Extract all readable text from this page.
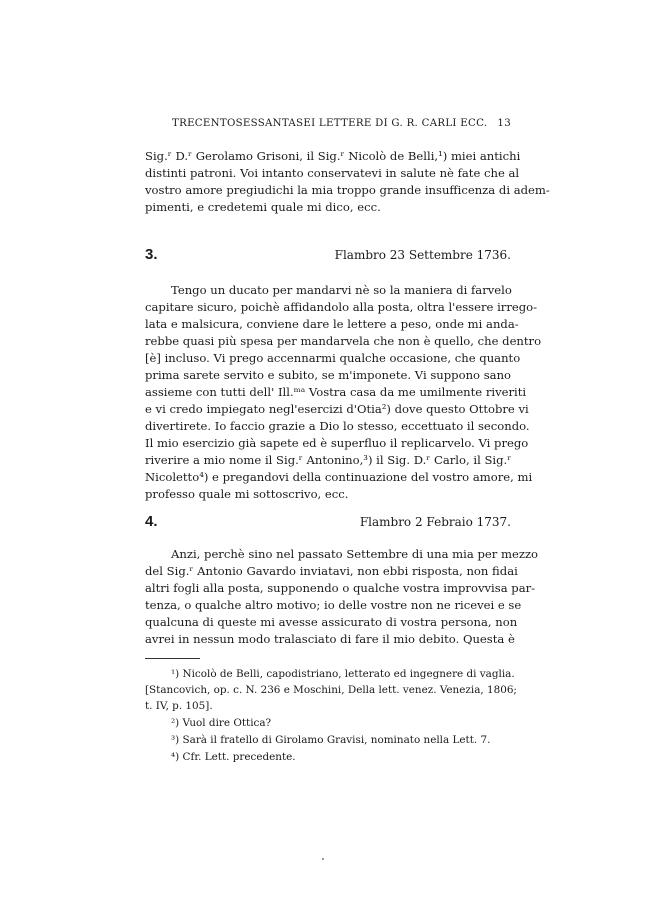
TRECENTOSESSANTASEI LETTERE DI G. R. CARLI ECC. 13
Sig.ʳ D.ʳ Gerolamo Grisoni, il Sig.ʳ Nicolò de Belli,¹) miei antichi
distinti patroni. Voi intanto conservatevi in salute nè fate che al
vostro amore pregiudichi la mia troppo grande insufficenza di adem-
pimenti, e credetemi quale mi dico, ecc.
3.	Flambro 23 Settembre 1736.
Tengo un ducato per mandarvi nè so la maniera di farvelo
capitare sicuro, poichè affidandolo alla posta, oltra l'essere irrego-
lata e malsicura, conviene dare le lettere a peso, onde mi anda-
rebbe quasi più spesa per mandarvela che non è quello, che dentro
[è] incluso. Vi prego accennarmi qualche occasione, che quanto
prima sarete servito e subito, se m'imponete. Vi suppono sano
assieme con tutti dell' Ill.ᵐᵃ Vostra casa da me umilmente riveriti
e vi credo impiegato negl'esercizi d'Otia²) dove questo Ottobre vi
divertirete. Io faccio grazie a Dio lo stesso, eccettuato il secondo.
Il mio esercizio già sapete ed è superfluo il replicarvelo. Vi prego
riverire a mio nome il Sig.ʳ Antonino,³) il Sig. D.ʳ Carlo, il Sig.ʳ
Nicoletto⁴) e pregandovi della continuazione del vostro amore, mi
professo quale mi sottoscrivo, ecc.
4.	Flambro 2 Febraio 1737.
Anzi, perchè sino nel passato Settembre di una mia per mezzo
del Sig.ʳ Antonio Gavardo inviatavi, non ebbi risposta, non fidai
altri fogli alla posta, supponendo o qualche vostra improvvisa par-
tenza, o qualche altro motivo; io delle vostre non ne ricevei e se
qualcuna di queste mi avesse assicurato di vostra persona, non
avrei in nessun modo tralasciato di fare il mio debito. Questa è
¹) Nicolò de Belli, capodistriano, letterato ed ingegnere di vaglia.
[Stancovich, op. c. N. 236 e Moschini, Della lett. venez. Venezia, 1806;
t. IV, p. 105].
²) Vuol dire Ottica?
³) Sarà il fratello di Girolamo Gravisi, nominato nella Lett. 7.
⁴) Cfr. Lett. precedente.
